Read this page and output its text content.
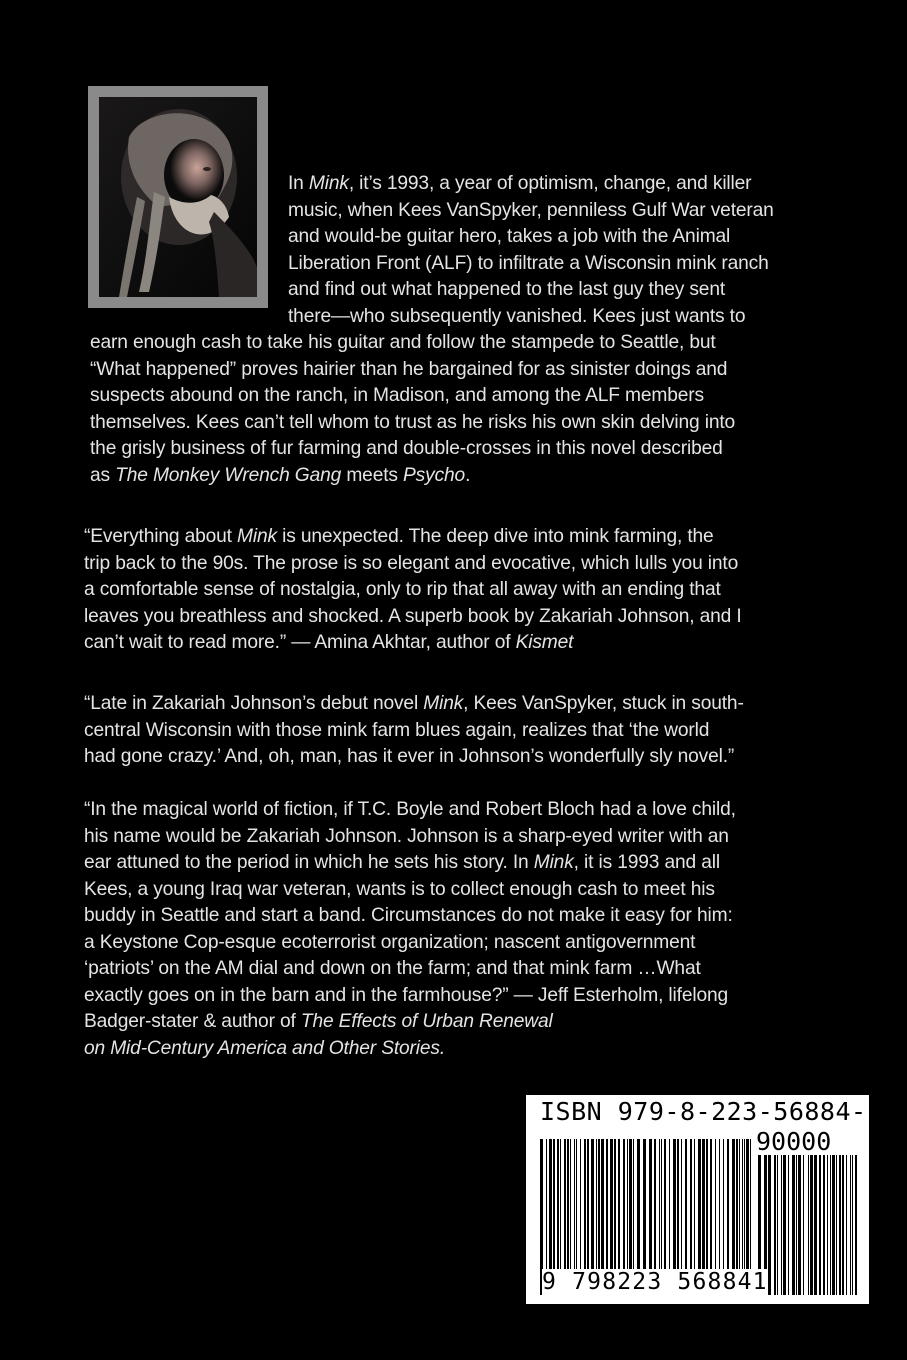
In Mink, it’s 1993, a year of optimism, change, and killer
music, when Kees VanSpyker, penniless Gulf War veteran
and would-be guitar hero, takes a job with the Animal
Liberation Front (ALF) to infiltrate a Wisconsin mink ranch
and find out what happened to the last guy they sent
there—who subsequently vanished. Kees just wants to
earn enough cash to take his guitar and follow the stampede to Seattle, but
“What happened” proves hairier than he bargained for as sinister doings and
suspects abound on the ranch, in Madison, and among the ALF members
themselves. Kees can’t tell whom to trust as he risks his own skin delving into
the grisly business of fur farming and double-crosses in this novel described
as The Monkey Wrench Gang meets Psycho.

“Everything about Mink is unexpected. The deep dive into mink farming, the
trip back to the 90s. The prose is so elegant and evocative, which lulls you into
a comfortable sense of nostalgia, only to rip that all away with an ending that
leaves you breathless and shocked. A superb book by Zakariah Johnson, and I
can’t wait to read more.” — Amina Akhtar, author of Kismet

“Late in Zakariah Johnson’s debut novel Mink, Kees VanSpyker, stuck in south-
central Wisconsin with those mink farm blues again, realizes that ‘the world
had gone crazy.’ And, oh, man, has it ever in Johnson’s wonderfully sly novel.”

“In the magical world of fiction, if T.C. Boyle and Robert Bloch had a love child,
his name would be Zakariah Johnson. Johnson is a sharp-eyed writer with an
ear attuned to the period in which he sets his story. In Mink, it is 1993 and all
Kees, a young Iraq war veteran, wants is to collect enough cash to meet his
buddy in Seattle and start a band. Circumstances do not make it easy for him:
a Keystone Cop-esque ecoterrorist organization; nascent antigovernment
‘patriots’ on the AM dial and down on the farm; and that mink farm …What
exactly goes on in the barn and in the farmhouse?” — Jeff Esterholm, lifelong
Badger-stater & author of The Effects of Urban Renewal
on Mid-Century America and Other Stories.

ISBN 979-8-223-56884-1
90000
9 798223 568841
